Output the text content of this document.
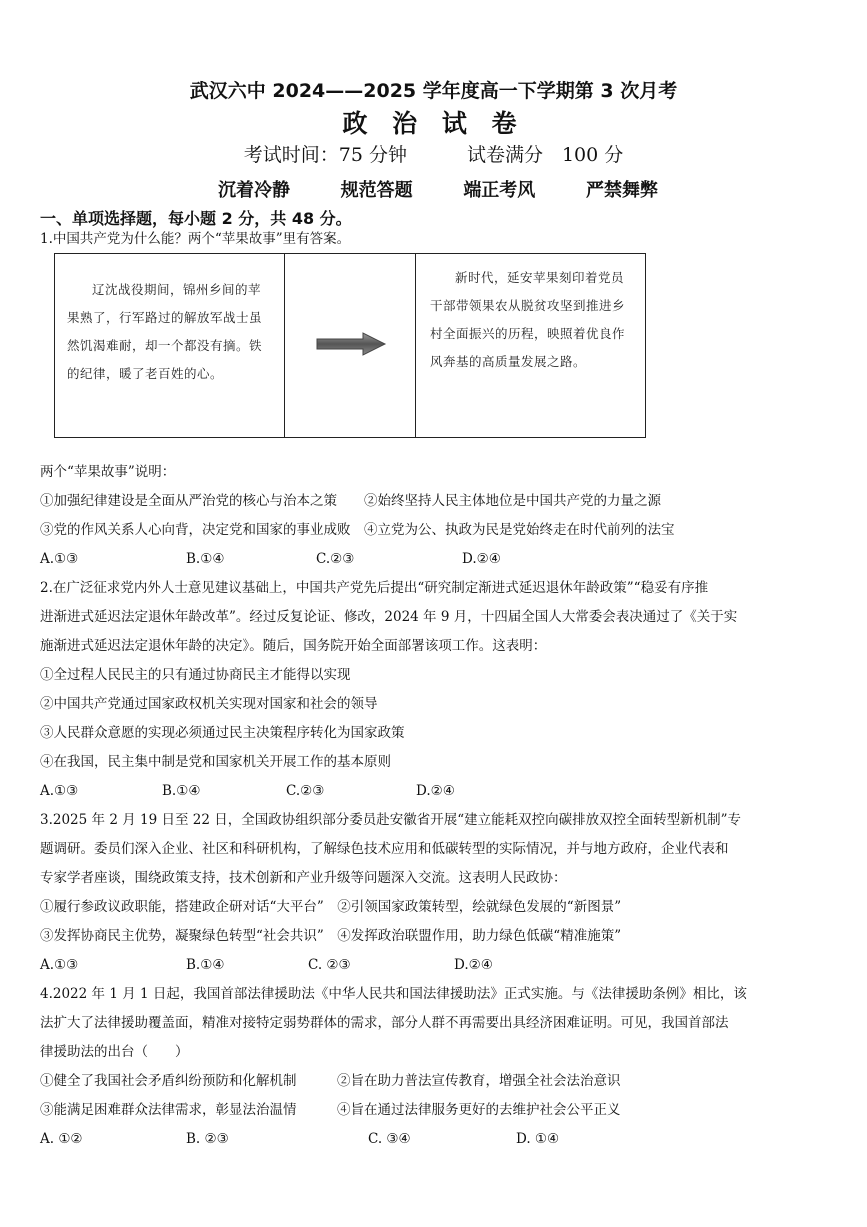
武汉六中 2024——2025 学年度高一下学期第 3 次月考
政 治 试 卷
考试时间：75 分钟	试卷满分　100 分
沉着冷静	规范答题	端正考风	严禁舞弊
一、单项选择题，每小题 2 分，共 48 分。
1.中国共产党为什么能？两个“苹果故事”里有答案。
辽沈战役期间，锦州乡间的苹果熟了，行军路过的解放军战士虽然饥渴难耐，却一个都没有摘。铁的纪律，暖了老百姓的心。
新时代，延安苹果刻印着党员干部带领果农从脱贫攻坚到推进乡村全面振兴的历程，映照着优良作风奔基的高质量发展之路。
两个“苹果故事”说明：
①加强纪律建设是全面从严治党的核心与治本之策　　②始终坚持人民主体地位是中国共产党的力量之源
③党的作风关系人心向背，决定党和国家的事业成败　④立党为公、执政为民是党始终走在时代前列的法宝
A.①③	B.①④	C.②③	D.②④
2.在广泛征求党内外人士意见建议基础上，中国共产党先后提出“研究制定渐进式延迟退休年龄政策”“稳妥有序推
进渐进式延迟法定退休年龄改革”。经过反复论证、修改，2024 年 9 月，十四届全国人大常委会表决通过了《关于实
施渐进式延迟法定退休年龄的决定》。随后，国务院开始全面部署该项工作。这表明：
①全过程人民民主的只有通过协商民主才能得以实现
②中国共产党通过国家政权机关实现对国家和社会的领导
③人民群众意愿的实现必须通过民主决策程序转化为国家政策
④在我国，民主集中制是党和国家机关开展工作的基本原则
A.①③	B.①④	C.②③	D.②④
3.2025 年 2 月 19 日至 22 日，全国政协组织部分委员赴安徽省开展“建立能耗双控向碳排放双控全面转型新机制”专
题调研。委员们深入企业、社区和科研机构，了解绿色技术应用和低碳转型的实际情况，并与地方政府，企业代表和
专家学者座谈，围绕政策支持，技术创新和产业升级等问题深入交流。这表明人民政协：
①履行参政议政职能，搭建政企研对话“大平台”　②引领国家政策转型，绘就绿色发展的“新图景”
③发挥协商民主优势，凝聚绿色转型“社会共识”　④发挥政治联盟作用，助力绿色低碳“精准施策”
A.①③	B.①④	C. ②③	D.②④
4.2022 年 1 月 1 日起，我国首部法律援助法《中华人民共和国法律援助法》正式实施。与《法律援助条例》相比，该
法扩大了法律援助覆盖面，精准对接特定弱势群体的需求，部分人群不再需要出具经济困难证明。可见，我国首部法
律援助法的出台（　　）
①健全了我国社会矛盾纠纷预防和化解机制　　　②旨在助力普法宣传教育，增强全社会法治意识
③能满足困难群众法律需求，彰显法治温情　　　④旨在通过法律服务更好的去维护社会公平正义
A. ①②	B. ②③	C. ③④	D. ①④
